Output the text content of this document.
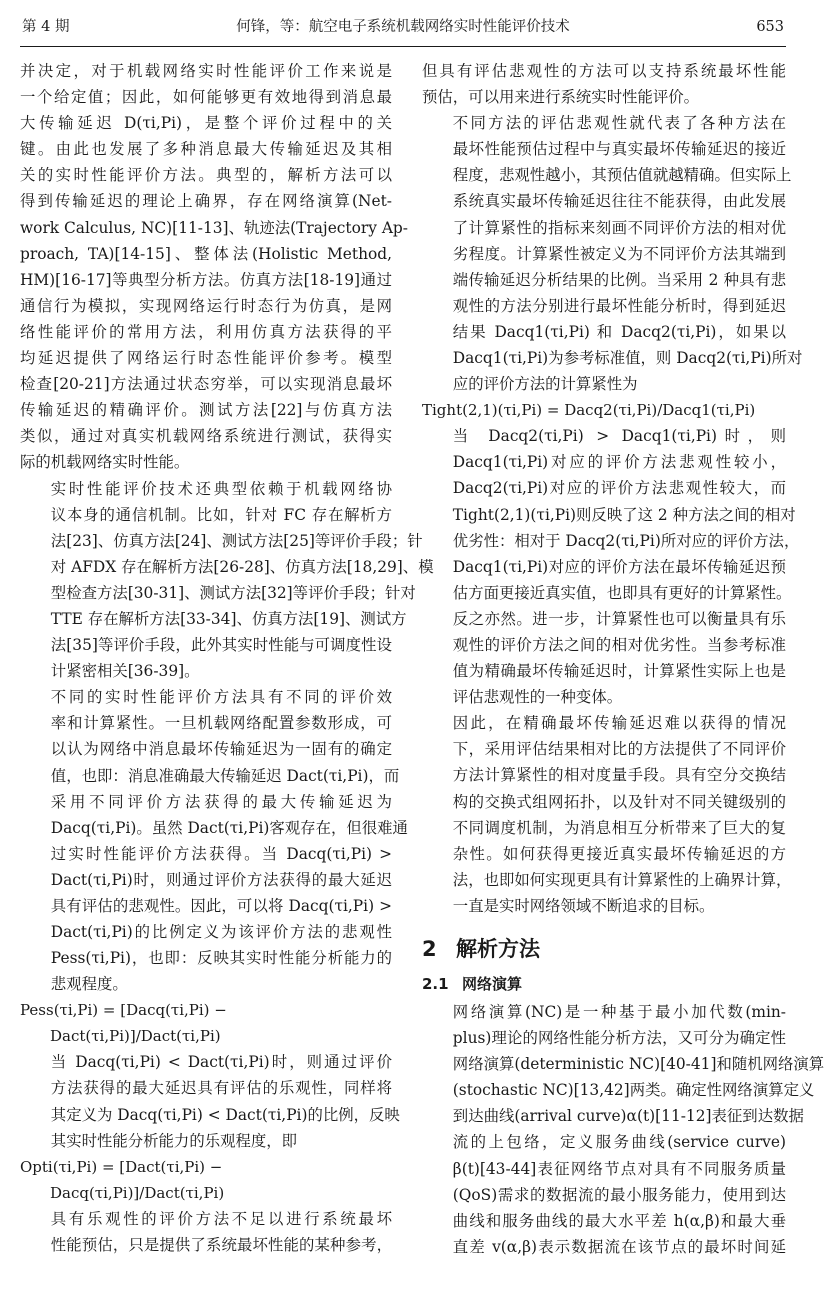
第 4 期	何锋，等：航空电子系统机载网络实时性能评价技术	653
并决定，对于机载网络实时性能评价工作来说是
一个给定值；因此，如何能够更有效地得到消息最
大传输延迟 D(τi,Pi)，是整个评价过程中的关
键。由此也发展了多种消息最大传输延迟及其相
关的实时性能评价方法。典型的，解析方法可以
得到传输延迟的理论上确界，存在网络演算(Net-
work Calculus, NC)[11-13]、轨迹法(Trajectory Ap-
proach, TA)[14-15]、整体法(Holistic Method,
HM)[16-17]等典型分析方法。仿真方法[18-19]通过
通信行为模拟，实现网络运行时态行为仿真，是网
络性能评价的常用方法，利用仿真方法获得的平
均延迟提供了网络运行时态性能评价参考。模型
检查[20-21]方法通过状态穷举，可以实现消息最坏
传输延迟的精确评价。测试方法[22]与仿真方法
类似，通过对真实机载网络系统进行测试，获得实
际的机载网络实时性能。
实时性能评价技术还典型依赖于机载网络协
议本身的通信机制。比如，针对 FC 存在解析方
法[23]、仿真方法[24]、测试方法[25]等评价手段；针
对 AFDX 存在解析方法[26-28]、仿真方法[18,29]、模
型检查方法[30-31]、测试方法[32]等评价手段；针对
TTE 存在解析方法[33-34]、仿真方法[19]、测试方
法[35]等评价手段，此外其实时性能与可调度性设
计紧密相关[36-39]。
不同的实时性能评价方法具有不同的评价效
率和计算紧性。一旦机载网络配置参数形成，可
以认为网络中消息最坏传输延迟为一固有的确定
值，也即：消息准确最大传输延迟 Dact(τi,Pi)，而
采用不同评价方法获得的最大传输延迟为
Dacq(τi,Pi)。虽然 Dact(τi,Pi)客观存在，但很难通
过实时性能评价方法获得。当 Dacq(τi,Pi) >
Dact(τi,Pi)时，则通过评价方法获得的最大延迟
具有评估的悲观性。因此，可以将 Dacq(τi,Pi) >
Dact(τi,Pi)的比例定义为该评价方法的悲观性
Pess(τi,Pi)，也即：反映其实时性能分析能力的
悲观程度。
Pess(τi,Pi) = [Dacq(τi,Pi) −
Dact(τi,Pi)]/Dact(τi,Pi)
当 Dacq(τi,Pi) < Dact(τi,Pi)时，则通过评价
方法获得的最大延迟具有评估的乐观性，同样将
其定义为 Dacq(τi,Pi) < Dact(τi,Pi)的比例，反映
其实时性能分析能力的乐观程度，即
Opti(τi,Pi) = [Dact(τi,Pi) −
Dacq(τi,Pi)]/Dact(τi,Pi)
具有乐观性的评价方法不足以进行系统最坏
性能预估，只是提供了系统最坏性能的某种参考，
但具有评估悲观性的方法可以支持系统最坏性能
预估，可以用来进行系统实时性能评价。
不同方法的评估悲观性就代表了各种方法在
最坏性能预估过程中与真实最坏传输延迟的接近
程度，悲观性越小，其预估值就越精确。但实际上
系统真实最坏传输延迟往往不能获得，由此发展
了计算紧性的指标来刻画不同评价方法的相对优
劣程度。计算紧性被定义为不同评价方法其端到
端传输延迟分析结果的比例。当采用 2 种具有悲
观性的方法分别进行最坏性能分析时，得到延迟
结果 Dacq1(τi,Pi) 和 Dacq2(τi,Pi)，如果以
Dacq1(τi,Pi)为参考标准值，则 Dacq2(τi,Pi)所对
应的评价方法的计算紧性为
Tight(2,1)(τi,Pi) = Dacq2(τi,Pi)/Dacq1(τi,Pi)
当 Dacq2(τi,Pi) > Dacq1(τi,Pi)时，则
Dacq1(τi,Pi)对应的评价方法悲观性较小，
Dacq2(τi,Pi)对应的评价方法悲观性较大，而
Tight(2,1)(τi,Pi)则反映了这 2 种方法之间的相对
优劣性：相对于 Dacq2(τi,Pi)所对应的评价方法，
Dacq1(τi,Pi)对应的评价方法在最坏传输延迟预
估方面更接近真实值，也即具有更好的计算紧性。
反之亦然。进一步，计算紧性也可以衡量具有乐
观性的评价方法之间的相对优劣性。当参考标准
值为精确最坏传输延迟时，计算紧性实际上也是
评估悲观性的一种变体。
因此，在精确最坏传输延迟难以获得的情况
下，采用评估结果相对比的方法提供了不同评价
方法计算紧性的相对度量手段。具有空分交换结
构的交换式组网拓扑，以及针对不同关键级别的
不同调度机制，为消息相互分析带来了巨大的复
杂性。如何获得更接近真实最坏传输延迟的方
法，也即如何实现更具有计算紧性的上确界计算，
一直是实时网络领域不断追求的目标。
2 解析方法
2.1 网络演算
网络演算(NC)是一种基于最小加代数(min-
plus)理论的网络性能分析方法，又可分为确定性
网络演算(deterministic NC)[40-41]和随机网络演算
(stochastic NC)[13,42]两类。确定性网络演算定义
到达曲线(arrival curve)α(t)[11-12]表征到达数据
流的上包络，定义服务曲线(service curve)
β(t)[43-44]表征网络节点对具有不同服务质量
(QoS)需求的数据流的最小服务能力，使用到达
曲线和服务曲线的最大水平差 h(α,β)和最大垂
直差 v(α,β)表示数据流在该节点的最坏时间延
